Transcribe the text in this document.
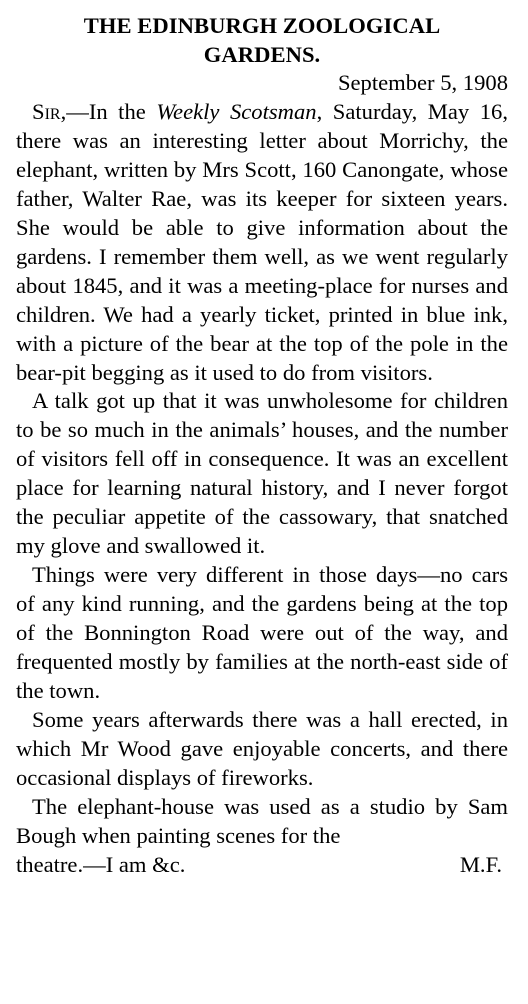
THE EDINBURGH ZOOLOGICAL
GARDENS.
September 5, 1908

Sir,—In the Weekly Scotsman, Saturday, May 16, there was an interesting letter about Morrichy, the elephant, written by Mrs Scott, 160 Canongate, whose father, Walter Rae, was its keeper for sixteen years. She would be able to give information about the gardens. I remember them well, as we went regularly about 1845, and it was a meeting-place for nurses and children. We had a yearly ticket, printed in blue ink, with a picture of the bear at the top of the pole in the bear-pit begging as it used to do from visitors.

A talk got up that it was unwholesome for children to be so much in the animals’ houses, and the number of visitors fell off in consequence. It was an excellent place for learning natural history, and I never forgot the peculiar appetite of the cassowary, that snatched my glove and swallowed it.

Things were very different in those days—no cars of any kind running, and the gardens being at the top of the Bonnington Road were out of the way, and frequented mostly by families at the north-east side of the town.

Some years afterwards there was a hall erected, in which Mr Wood gave enjoyable concerts, and there occasional displays of fireworks.

The elephant-house was used as a studio by Sam Bough when painting scenes for the

theatre.—I am &c.	M.F.
